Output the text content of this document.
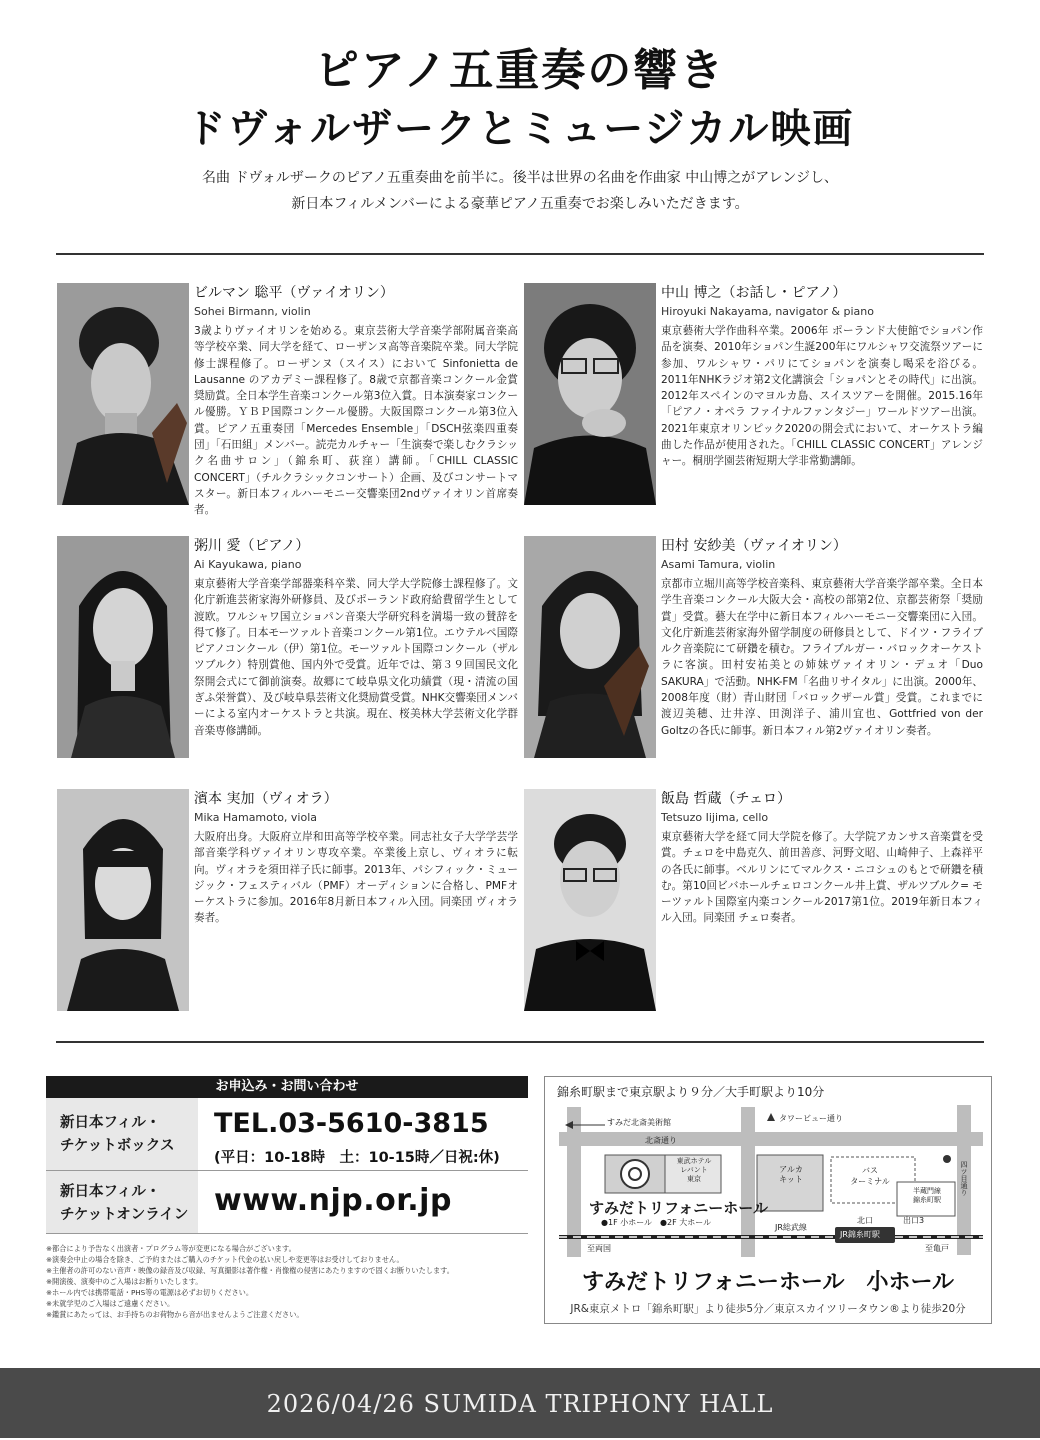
ピアノ五重奏の響き
ドヴォルザークとミュージカル映画
名曲 ドヴォルザークのピアノ五重奏曲を前半に。後半は世界の名曲を作曲家 中山博之がアレンジし、
新日本フィルメンバーによる豪華ピアノ五重奏でお楽しみいただきます。
ビルマン 聡平（ヴァイオリン）
Sohei Birmann, violin
3歳よりヴァイオリンを始める。東京芸術大学音楽学部附属音楽高等学校卒業、同大学を経て、ローザンヌ高等音楽院卒業。同大学院修士課程修了。ローザンヌ（スイス）において Sinfonietta de Lausanne のアカデミー課程修了。8歳で京都音楽コンクール金賞奨励賞。全日本学生音楽コンクール第3位入賞。日本演奏家コンクール優勝。ＹＢＰ国際コンクール優勝。大阪国際コンクール第3位入賞。ピアノ五重奏団「Mercedes Ensemble」「DSCH弦楽四重奏団」「石田組」メンバー。読売カルチャー「生演奏で楽しむクラシック名曲サロン」（錦糸町、荻窪）講師。「CHILL CLASSIC CONCERT」（チルクラシックコンサート）企画、及びコンサートマスター。新日本フィルハーモニー交響楽団2ndヴァイオリン首席奏者。
中山 博之（お話し・ピアノ）
Hiroyuki Nakayama, navigator & piano
東京藝術大学作曲科卒業。2006年 ポーランド大使館でショパン作品を演奏、2010年ショパン生誕200年にワルシャワ交流祭ツアーに参加、ワルシャワ・パリにてショパンを演奏し喝采を浴びる。2011年NHKラジオ第2文化講演会「ショパンとその時代」に出演。2012年スペインのマヨルカ島、スイスツアーを開催。2015.16年「ピアノ・オペラ ファイナルファンタジー」ワールドツアー出演。2021年東京オリンピック2020の開会式において、オーケストラ編曲した作品が使用された。「CHILL CLASSIC CONCERT」アレンジャー。桐朋学園芸術短期大学非常勤講師。
粥川 愛（ピアノ）
Ai Kayukawa, piano
東京藝術大学音楽学部器楽科卒業、同大学大学院修士課程修了。文化庁新進芸術家海外研修員、及びポーランド政府給費留学生として渡欧。ワルシャワ国立ショパン音楽大学研究科を満場一致の賛辞を得て修了。日本モーツァルト音楽コンクール第1位。エウテルペ国際ピアノコンクール（伊）第1位。モーツァルト国際コンクール（ザルツブルク）特別賞他、国内外で受賞。近年では、第３９回国民文化祭開会式にて御前演奏。故郷にて岐阜県文化功績賞（現・清流の国ぎふ栄誉賞）、及び岐阜県芸術文化奨励賞受賞。NHK交響楽団メンバーによる室内オーケストラと共演。現在、桜美林大学芸術文化学群音楽専修講師。
田村 安紗美（ヴァイオリン）
Asami Tamura, violin
京都市立堀川高等学校音楽科、東京藝術大学音楽学部卒業。全日本学生音楽コンクール大阪大会・高校の部第2位、京都芸術祭「奨励賞」受賞。藝大在学中に新日本フィルハーモニー交響楽団に入団。文化庁新進芸術家海外留学制度の研修員として、ドイツ・フライブルク音楽院にて研鑽を積む。フライブルガー・バロックオーケストラに客演。田村安祐美との姉妹ヴァイオリン・デュオ「Duo SAKURA」で活動。NHK-FM「名曲リサイタル」に出演。2000年、2008年度（財）青山財団「バロックザール賞」受賞。これまでに渡辺美穂、辻井淳、田渕洋子、浦川宜也、Gottfried von der Goltzの各氏に師事。新日本フィル第2ヴァイオリン奏者。
濱本 実加（ヴィオラ）
Mika Hamamoto, viola
大阪府出身。大阪府立岸和田高等学校卒業。同志社女子大学学芸学部音楽学科ヴァイオリン専攻卒業。卒業後上京し、ヴィオラに転向。ヴィオラを須田祥子氏に師事。2013年、パシフィック・ミュージック・フェスティバル（PMF）オーディションに合格し、PMFオーケストラに参加。2016年8月新日本フィル入団。同楽団 ヴィオラ奏者。
飯島 哲蔵（チェロ）
Tetsuzo Iijima, cello
東京藝術大学を経て同大学院を修了。大学院アカンサス音楽賞を受賞。チェロを中島克久、前田善彦、河野文昭、山崎伸子、上森祥平の各氏に師事。ベルリンにてマルクス・ニコシュのもとで研鑽を積む。第10回ビバホールチェロコンクール井上賞、ザルツブルク= モーツァルト国際室内楽コンクール2017第1位。2019年新日本フィル入団。同楽団 チェロ奏者。
お申込み・お問い合わせ
新日本フィル・
チケットボックス
TEL.03-5610-3815
(平日：10-18時　土：10-15時／日祝:休)
新日本フィル・
チケットオンライン www.njp.or.jp
※都合により予告なく出演者・プログラム等が変更になる場合がございます。
※演奏会中止の場合を除き、ご予約またはご購入のチケット代金の払い戻しや変更等はお受けしておりません。
※主催者の許可のない音声・映像の録音及び収録、写真撮影は著作権・肖像権の侵害にあたりますので固くお断りいたします。
※開演後、演奏中のご入場はお断りいたします。
※ホール内では携帯電話・PHS等の電源は必ずお切りください。
※未就学児のご入場はご遠慮ください。
※鑑賞にあたっては、お手持ちのお荷物から音が出ませんようご注意ください。
錦糸町駅まで東京駅より９分／大手町駅より10分
すみだ北斎美術館	タワービュー通り
北斎通り
東武ホテル
レバント
東京
アルカ
キット
バス
ターミナル	四ツ目通り
半蔵門線
錦糸町駅
出口3
すみだトリフォニーホール
●1F 小ホール　●2F 大ホール
JR総武線
北口
JR錦糸町駅
至両国	至亀戸
すみだトリフォニーホール　小ホール
JR&東京メトロ「錦糸町駅」より徒歩5分／東京スカイツリータウン®より徒歩20分
2026/04/26 SUMIDA TRIPHONY HALL
